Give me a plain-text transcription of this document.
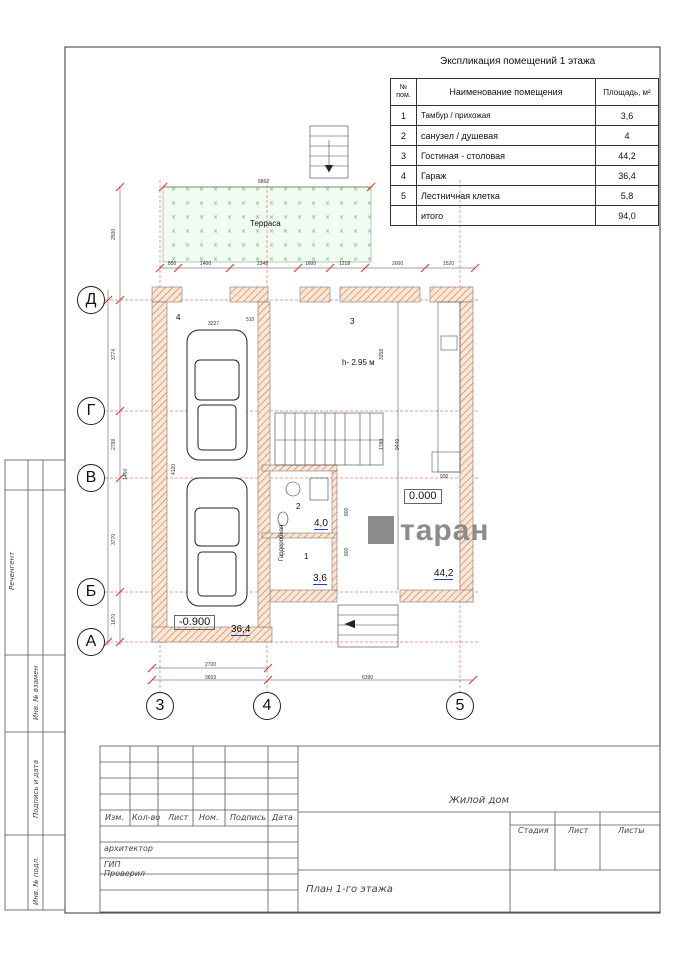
Экспликация помещений 1 этажа
№ пом.	Наименование помещения	Площадь, м²
1	Тамбур / прихожая	3,6
2	санузел / душевая	4
3	Гостиная - столовая	44,2
4	Гараж	36,4
5	Лестничная клетка	5,8
	итого	94,0
Терраса
h- 2.95 м
Гардеробная
4	3
2
1
0.000
-0.900
36,4
4,0
3,6	44,2
Д
Г
В
Б
А
3	4	5
6862
850	1400	2348	1600	1218	2000	1520
2500
3774
2798
1460
3770
1670
2700
3603	6390
3227
510
3358
1780 9449
4120
800
930
800
таран
Реченгент
Инв. № взамен
Подпись и дата
Инв. № подл.
Жилой дом
План 1-го этажа
Изм. Кол-во Лист Ном. Подпись Дата
архитектор
ГИП
Проверил
Стадия Лист	Листы
